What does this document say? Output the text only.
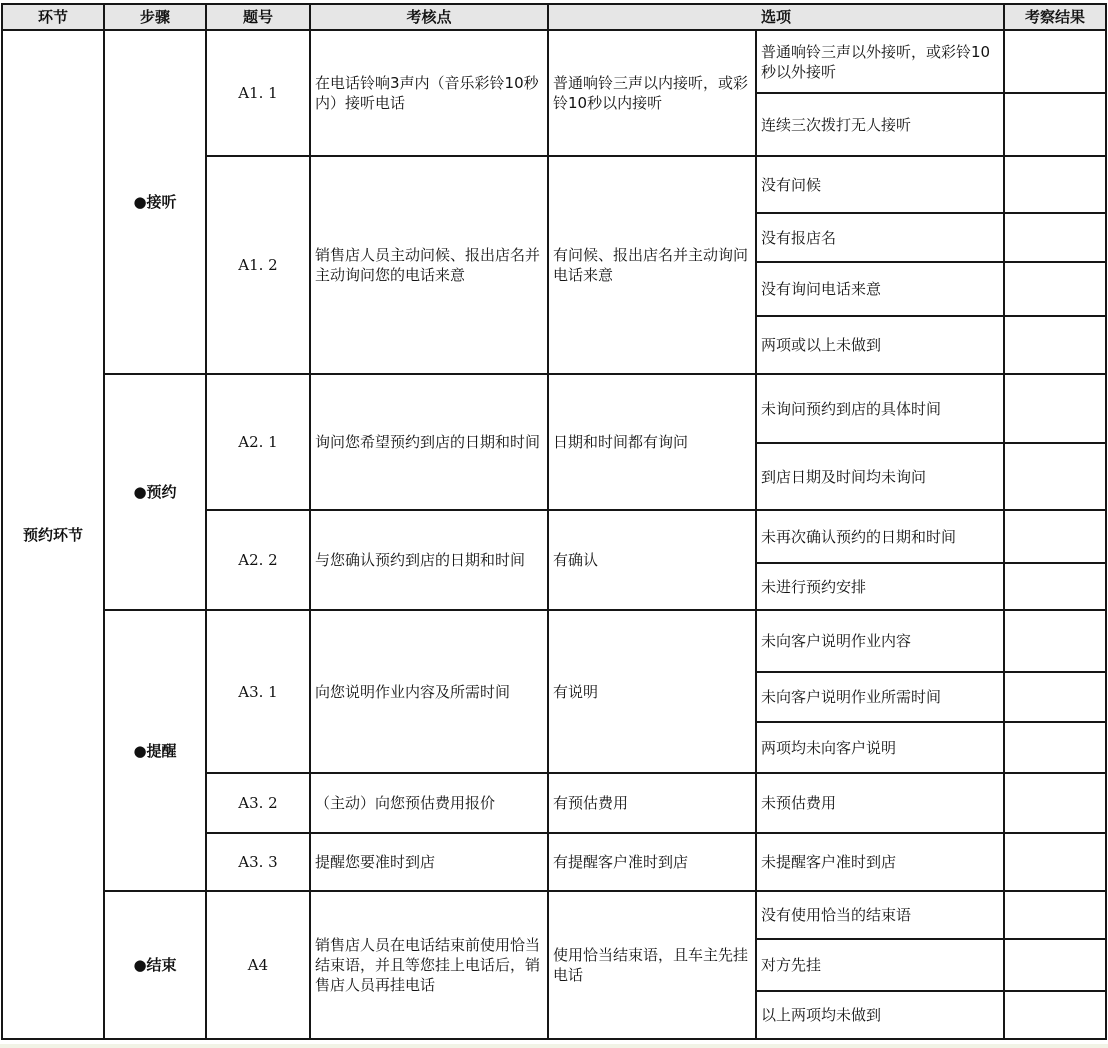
环节	步骤	题号	考核点	选项		考察结果
预约环节	●接听	A1. 1	在电话铃响3声内（音乐彩铃10秒内）接听电话	普通响铃三声以内接听，或彩铃10秒以内接听	普通响铃三声以外接听，或彩铃10秒以外接听	
					连续三次拨打无人接听	
		A1. 2	销售店人员主动问候、报出店名并主动询问您的电话来意	有问候、报出店名并主动询问电话来意	没有问候	
					没有报店名	
					没有询问电话来意	
					两项或以上未做到	
	●预约	A2. 1	询问您希望预约到店的日期和时间	日期和时间都有询问	未询问预约到店的具体时间	
					到店日期及时间均未询问	
		A2. 2	与您确认预约到店的日期和时间	有确认	未再次确认预约的日期和时间	
					未进行预约安排	
	●提醒	A3. 1	向您说明作业内容及所需时间	有说明	未向客户说明作业内容	
					未向客户说明作业所需时间	
					两项均未向客户说明	
		A3. 2	（主动）向您预估费用报价	有预估费用	未预估费用	
		A3. 3	提醒您要准时到店	有提醒客户准时到店	未提醒客户准时到店	
	●结束	A4	销售店人员在电话结束前使用恰当结束语，并且等您挂上电话后，销售店人员再挂电话	使用恰当结束语，且车主先挂电话	没有使用恰当的结束语	
					对方先挂	
					以上两项均未做到	
